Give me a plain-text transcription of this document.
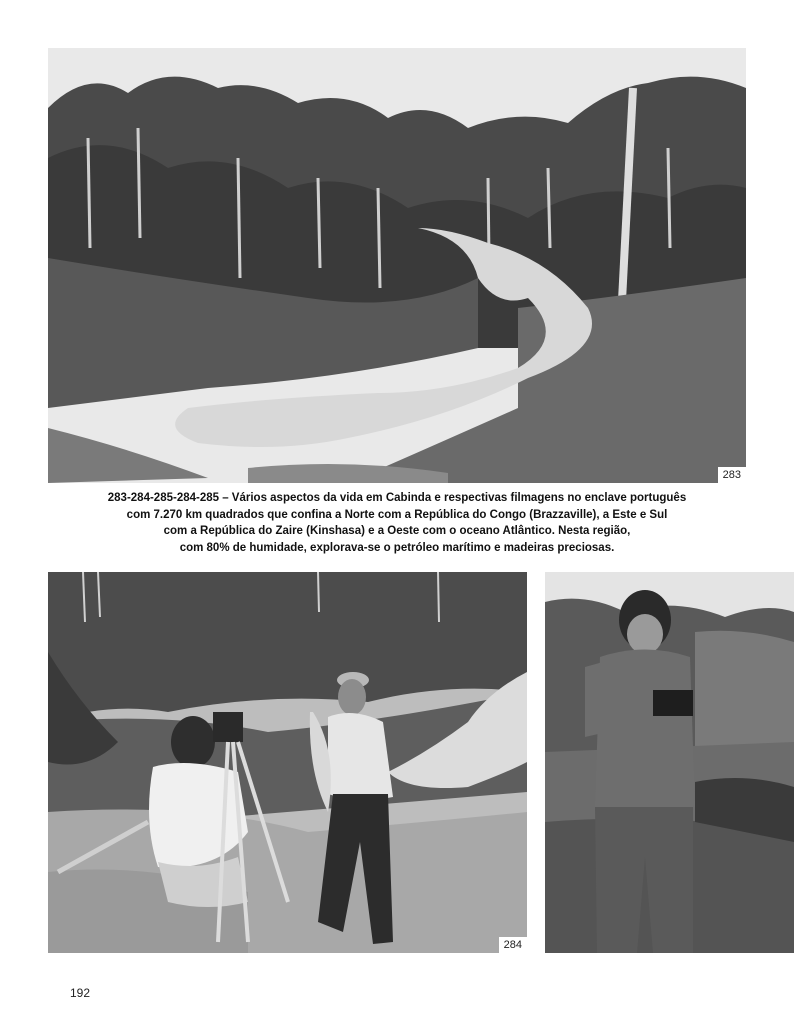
283
283-284-285-284-285 – Vários aspectos da vida em Cabinda e respectivas filmagens no enclave português
com 7.270 km quadrados que confina a Norte com a República do Congo (Brazzaville), a Este e Sul
com a República do Zaire (Kinshasa) e a Oeste com o oceano Atlântico. Nesta região,
com 80% de humidade, explorava-se o petróleo marítimo e madeiras preciosas.
284
192
